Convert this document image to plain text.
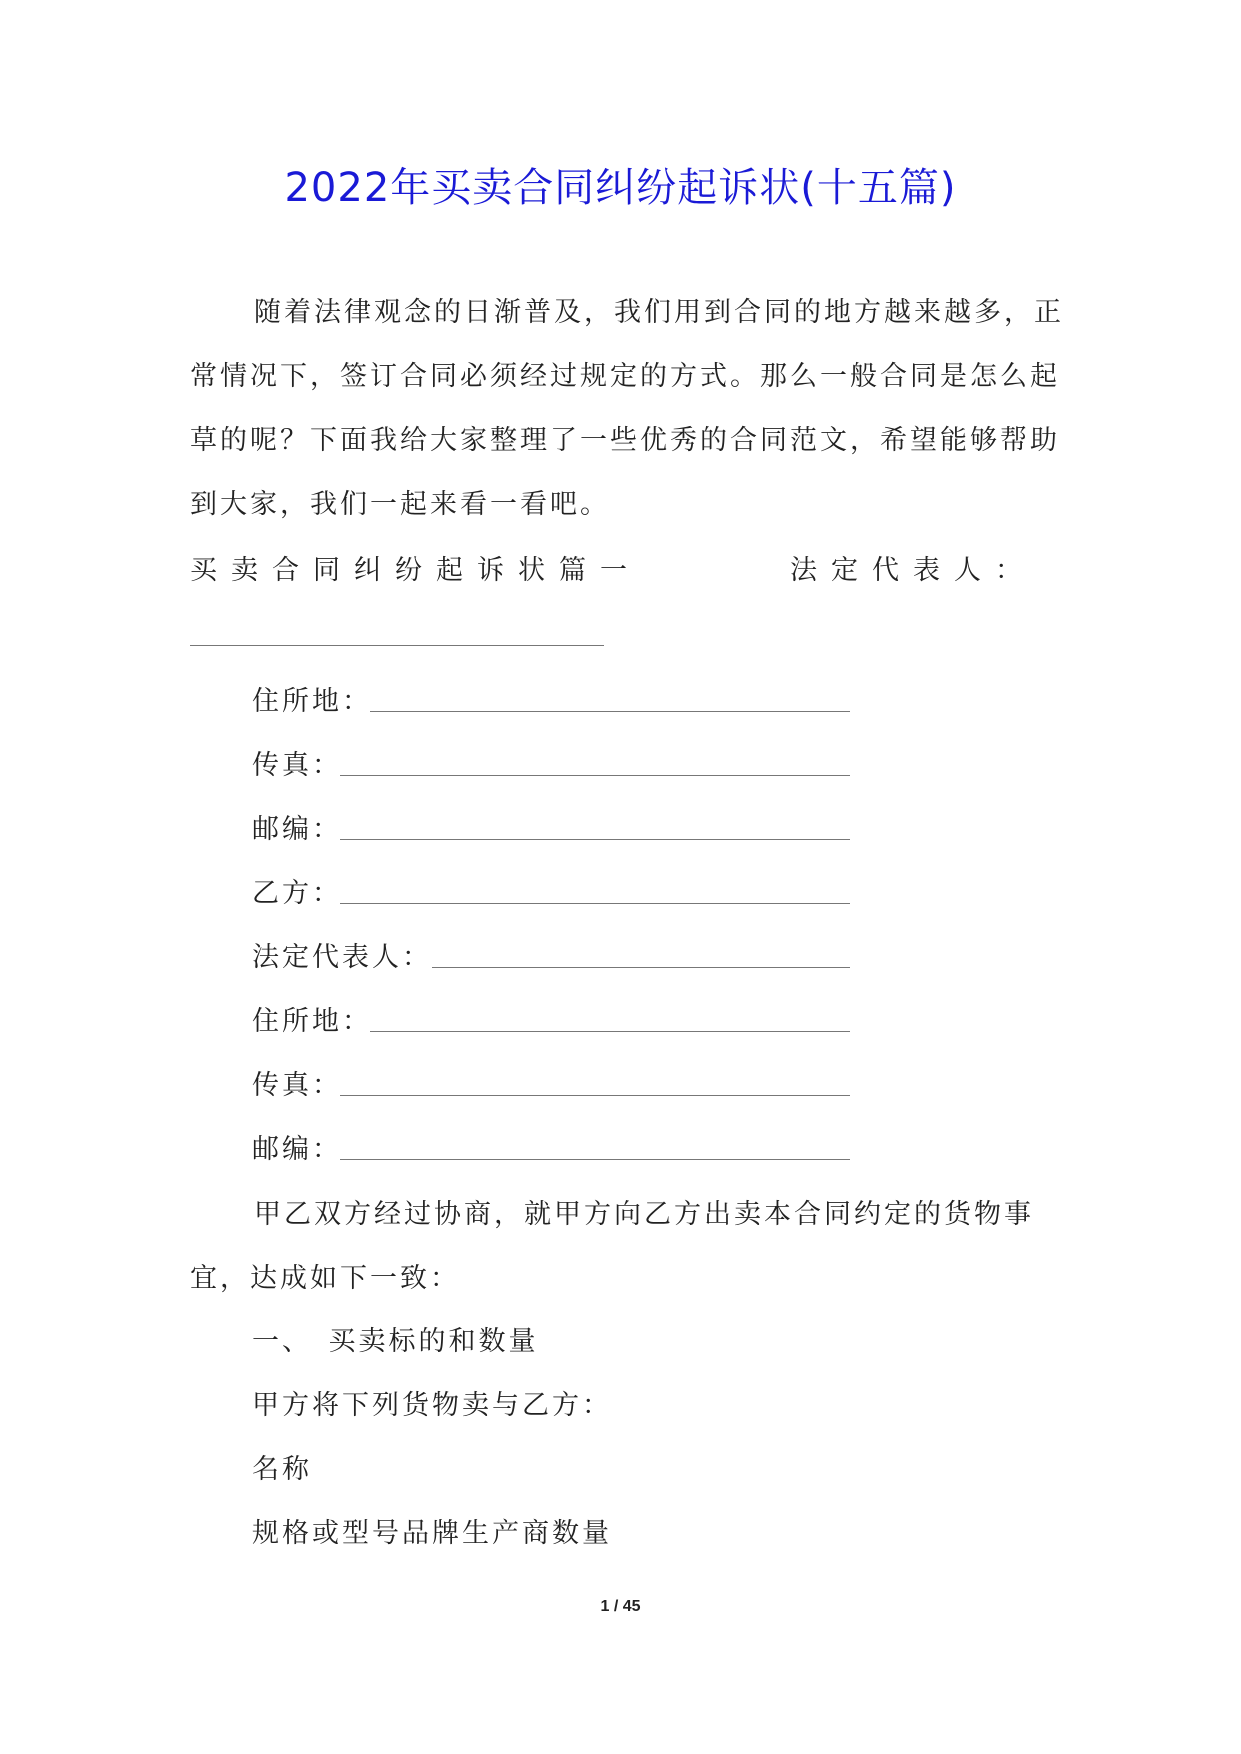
2022年买卖合同纠纷起诉状(十五篇)
随着法律观念的日渐普及，我们用到合同的地方越来越多，正常情况下，签订合同必须经过规定的方式。那么一般合同是怎么起草的呢？下面我给大家整理了一些优秀的合同范文，希望能够帮助到大家，我们一起来看一看吧。
买卖合同纠纷起诉状篇一	法定代表人：
住所地：
传真：
邮编：
乙方：
法定代表人：
住所地：
传真：
邮编：
甲乙双方经过协商，就甲方向乙方出卖本合同约定的货物事宜，达成如下一致：
一、　买卖标的和数量
甲方将下列货物卖与乙方：
名称
规格或型号品牌生产商数量
1 / 45
